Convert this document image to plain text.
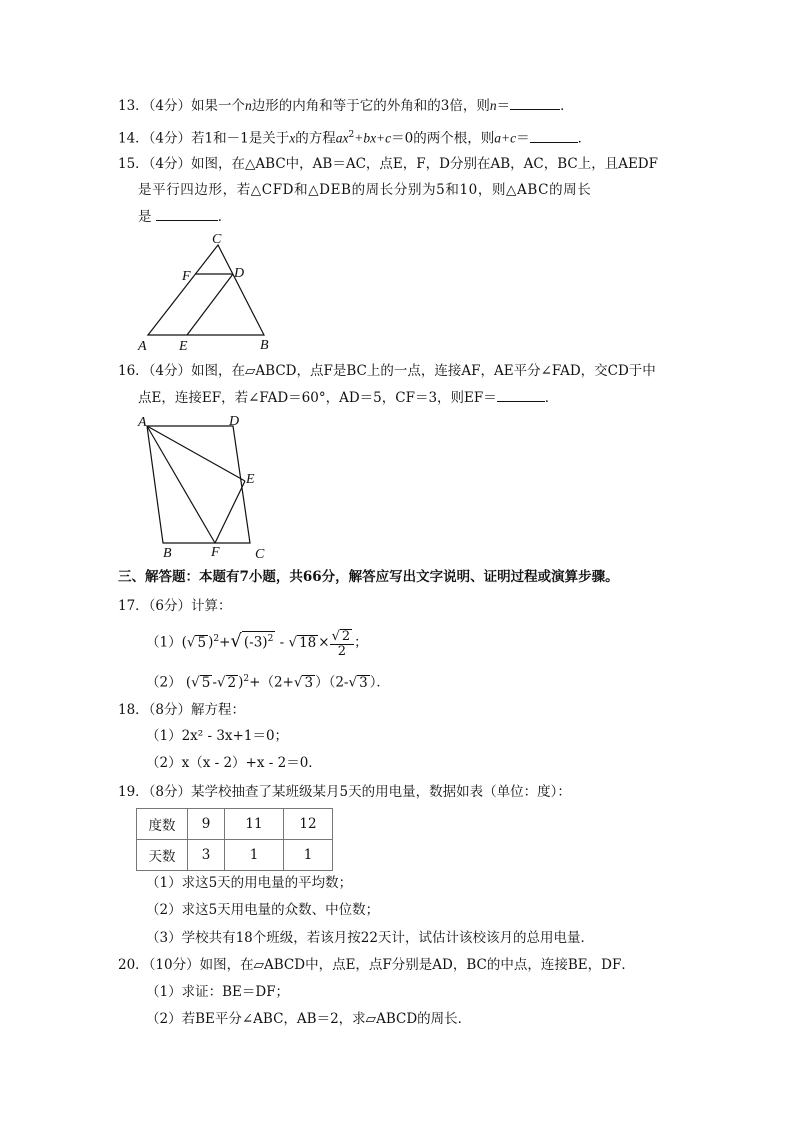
13．（4分）如果一个n边形的内角和等于它的外角和的3倍，则n＝	．
14．（4分）若1和－1是关于x的方程$ax^2+bx+c=0$的两个根，则a+c＝	．
15．（4分）如图，在△ABC中，AB＝AC，点E，F，D分别在AB，AC，BC上，且AEDF
是平行四边形，若△CFD和△DEB的周长分别为5和10，则△ABC的周长
是	．
C
F	D
A E	B
16．（4分）如图，在▱ABCD，点F是BC上的一点，连接AF，AE平分∠FAD，交CD于中
点E，连接EF，若∠FAD＝60°，AD＝5，CF＝3，则EF＝	．
A	D
E
B	F	C
三、解答题：本题有7小题，共66分，解答应写出文字说明、证明过程或演算步骤。
17．（6分）计算：
（1）(√ 5 )$^2$+√ $(-3)^2$ - √ $18 \times \frac{√ 2}{2}$ ；
（2） (√ 5 -√ 2 )$^2$+（2+√ 3 ）（2-√ 3 ）．
18．（8分）解方程：
（1）2x² - 3x+1＝0；
（2）x（x - 2）+x - 2＝0．
19．（8分）某学校抽查了某班级某月5天的用电量，数据如表（单位：度）：
度数	9	11	12
天数	3	1	1
（1）求这5天的用电量的平均数；
（2）求这5天用电量的众数、中位数；
（3）学校共有18个班级，若该月按22天计，试估计该校该月的总用电量．
20．（10分）如图，在▱ABCD中，点E，点F分别是AD，BC的中点，连接BE，DF．
（1）求证：BE＝DF；
（2）若BE平分∠ABC，AB＝2，求▱ABCD的周长．
